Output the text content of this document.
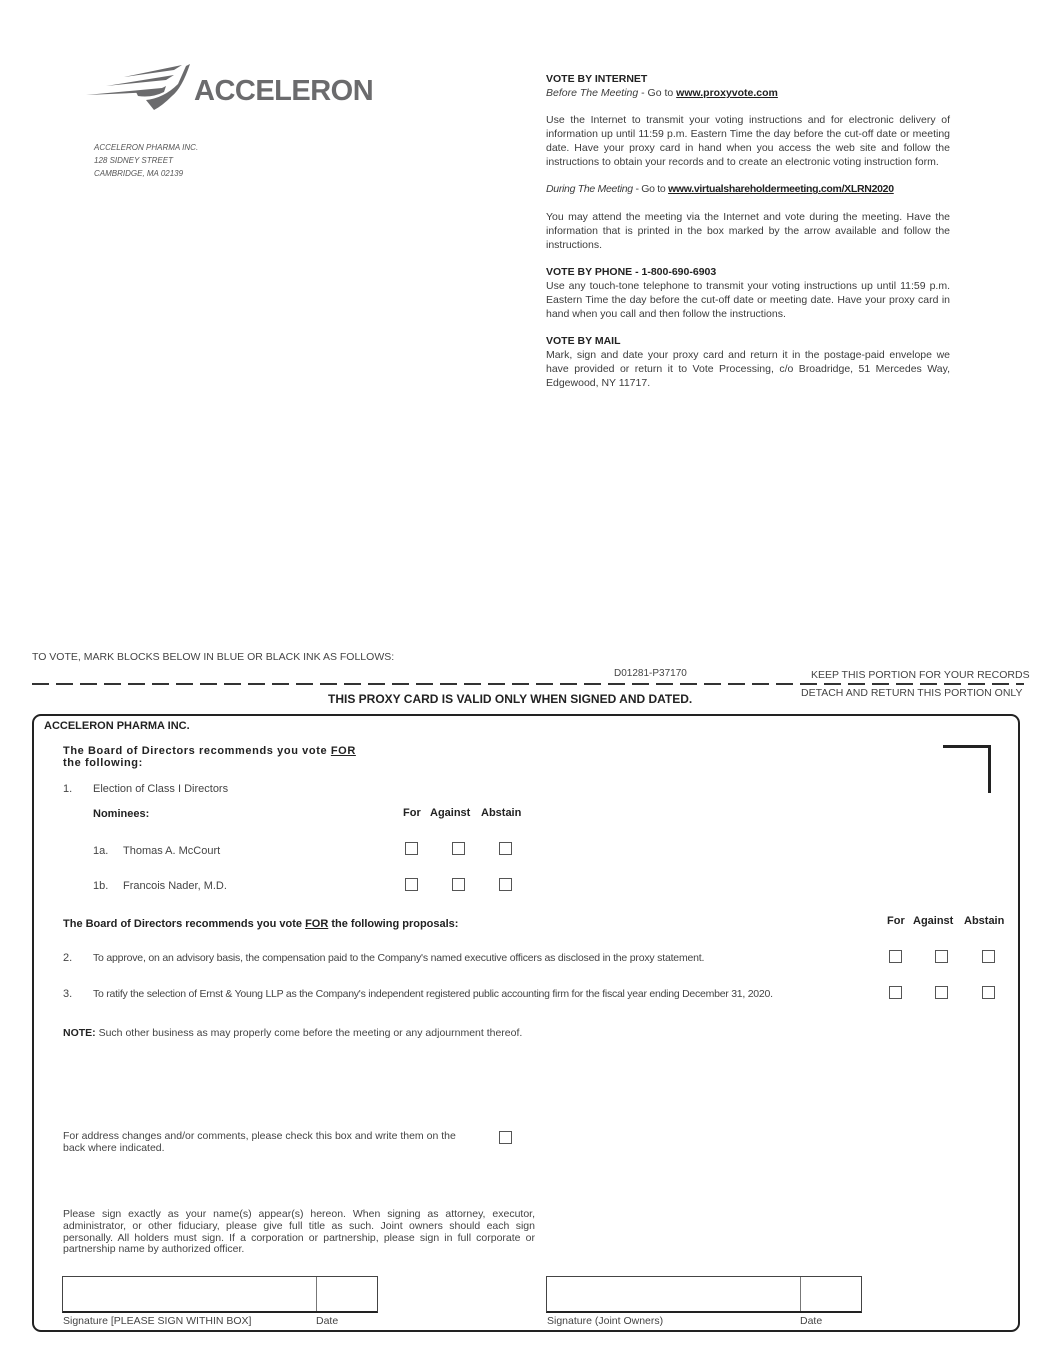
ACCELERON
ACCELERON PHARMA INC.
128 SIDNEY STREET
CAMBRIDGE, MA 02139

VOTE BY INTERNET
Before The Meeting - Go to www.proxyvote.com

Use the Internet to transmit your voting instructions and for electronic delivery of information up until 11:59 p.m. Eastern Time the day before the cut-off date or meeting date. Have your proxy card in hand when you access the web site and follow the instructions to obtain your records and to create an electronic voting instruction form.

During The Meeting - Go to www.virtualshareholdermeeting.com/XLRN2020

You may attend the meeting via the Internet and vote during the meeting. Have the information that is printed in the box marked by the arrow available and follow the instructions.

VOTE BY PHONE - 1-800-690-6903
Use any touch-tone telephone to transmit your voting instructions up until 11:59 p.m. Eastern Time the day before the cut-off date or meeting date. Have your proxy card in hand when you call and then follow the instructions.

VOTE BY MAIL
Mark, sign and date your proxy card and return it in the postage-paid envelope we have provided or return it to Vote Processing, c/o Broadridge, 51 Mercedes Way, Edgewood, NY 11717.

TO VOTE, MARK BLOCKS BELOW IN BLUE OR BLACK INK AS FOLLOWS:
D01281-P37170	KEEP THIS PORTION FOR YOUR RECORDS
DETACH AND RETURN THIS PORTION ONLY
THIS PROXY CARD IS VALID ONLY WHEN SIGNED AND DATED.
ACCELERON PHARMA INC.
The Board of Directors recommends you vote FOR
the following:
1. Election of Class I Directors
Nominees:	For Against Abstain
1a. Thomas A. McCourt
1b. Francois Nader, M.D.
The Board of Directors recommends you vote FOR the following proposals:	For Against Abstain
2. To approve, on an advisory basis, the compensation paid to the Company's named executive officers as disclosed in the proxy statement.
3. To ratify the selection of Ernst & Young LLP as the Company's independent registered public accounting firm for the fiscal year ending December 31, 2020.
NOTE: Such other business as may properly come before the meeting or any adjournment thereof.
For address changes and/or comments, please check this box and write them on the back where indicated.
Please sign exactly as your name(s) appear(s) hereon. When signing as attorney, executor, administrator, or other fiduciary, please give full title as such. Joint owners should each sign personally. All holders must sign. If a corporation or partnership, please sign in full corporate or partnership name by authorized officer.
Signature [PLEASE SIGN WITHIN BOX]	Date	Signature (Joint Owners)	Date
